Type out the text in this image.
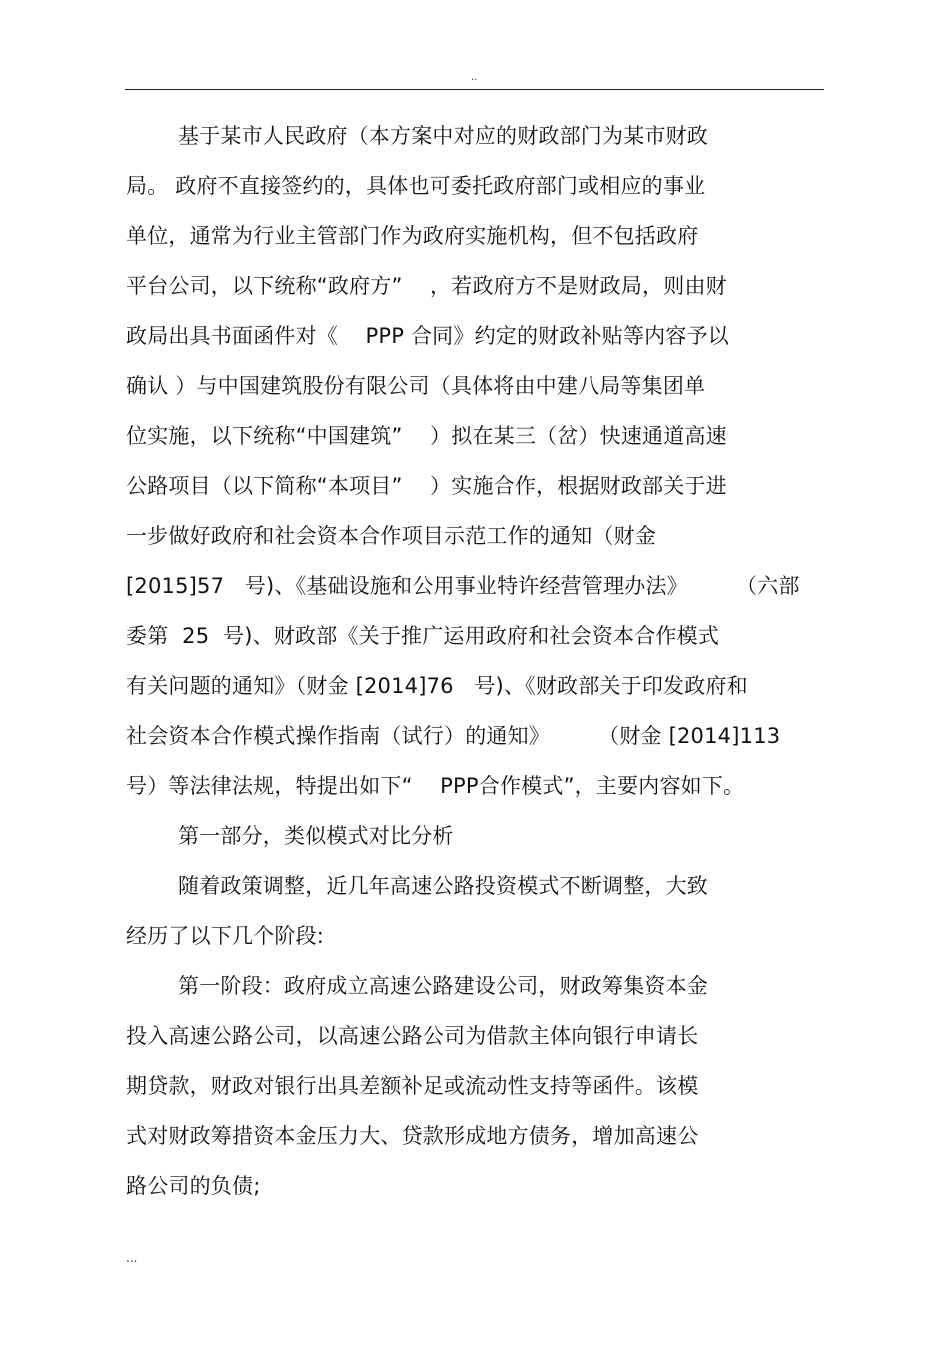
..
基于某市人民政府（本方案中对应的财政部门为某市财政
局。 政府不直接签约的，具体也可委托政府部门或相应的事业
单位，通常为行业主管部门作为政府实施机构，但不包括政府
平台公司，以下统称“政府方”    ，若政府方不是财政局，则由财
政局出具书面函件对《    PPP 合同》约定的财政补贴等内容予以
确认 ）与中国建筑股份有限公司（具体将由中建八局等集团单
位实施，以下统称“中国建筑”    ）拟在某三（岔）快速通道高速
公路项目（以下简称“本项目”    ）实施合作，根据财政部关于进
一步做好政府和社会资本合作项目示范工作的通知（财金
[2015]57   号)、《基础设施和公用事业特许经营管理办法》       （六部
委第  25  号)、财政部《关于推广运用政府和社会资本合作模式
有关问题的通知》（财金 [2014]76   号)、《财政部关于印发政府和
社会资本合作模式操作指南（试行）的通知》       （财金 [2014]113
号）等法律法规，特提出如下“    PPP合作模式”，主要内容如下。
第一部分，类似模式对比分析
随着政策调整，近几年高速公路投资模式不断调整，大致
经历了以下几个阶段:
第一阶段：政府成立高速公路建设公司，财政筹集资本金
投入高速公路公司，以高速公路公司为借款主体向银行申请长
期贷款，财政对银行出具差额补足或流动性支持等函件。该模
式对财政筹措资本金压力大、贷款形成地方债务，增加高速公
路公司的负债;
...
